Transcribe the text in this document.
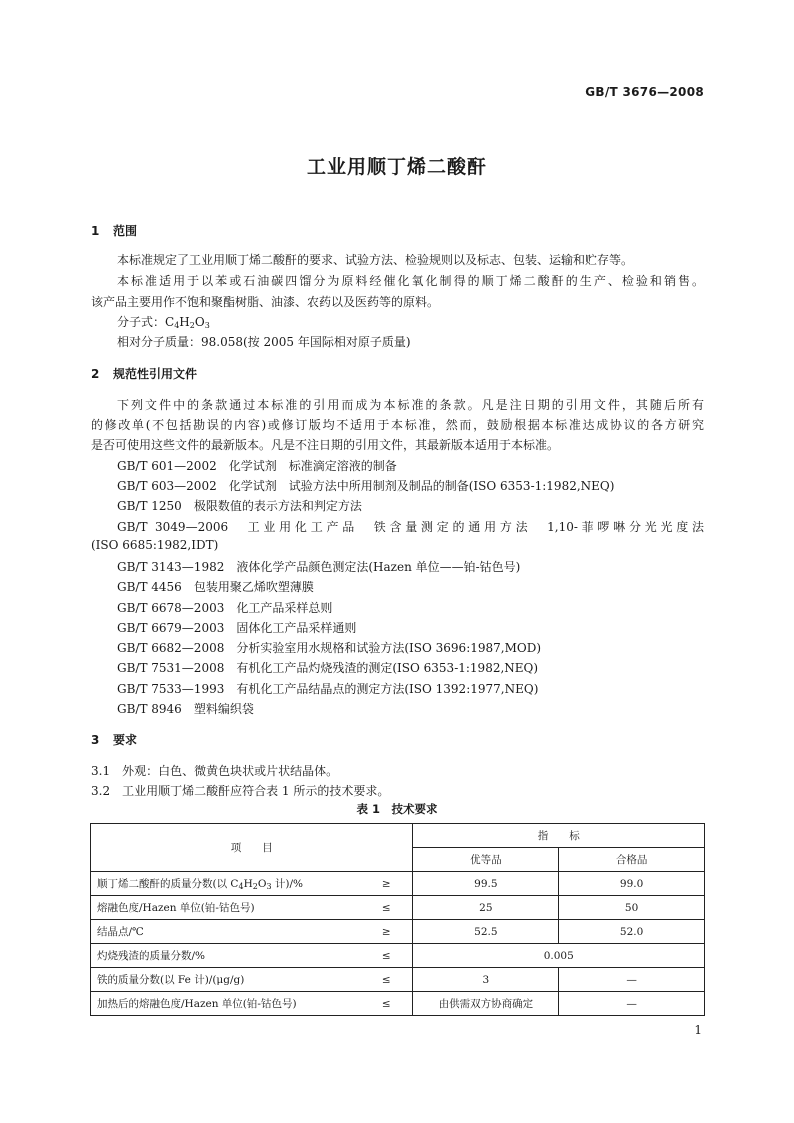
GB/T 3676—2008
工业用顺丁烯二酸酐
1 范围
本标准规定了工业用顺丁烯二酸酐的要求、试验方法、检验规则以及标志、包装、运输和贮存等。
本标准适用于以苯或石油碳四馏分为原料经催化氧化制得的顺丁烯二酸酐的生产、检验和销售。
该产品主要用作不饱和聚酯树脂、油漆、农药以及医药等的原料。
分子式：$C_4H_2O_3$
相对分子质量：98.058(按 2005 年国际相对原子质量)
2 规范性引用文件
下列文件中的条款通过本标准的引用而成为本标准的条款。凡是注日期的引用文件，其随后所有
的修改单(不包括勘误的内容)或修订版均不适用于本标准，然而，鼓励根据本标准达成协议的各方研究
是否可使用这些文件的最新版本。凡是不注日期的引用文件，其最新版本适用于本标准。
GB/T 601—2002　 化学试剂　标准滴定溶液的制备
GB/T 603—2002　 化学试剂　试验方法中所用制剂及制品的制备(ISO 6353-1:1982,NEQ)
GB/T 1250　 极限数值的表示方法和判定方法
GB/T 3049—2006　 工业用化工产品　铁含量测定的通用方法　1,10-菲啰啉分光光度法
(ISO 6685:1982,IDT)
GB/T 3143—1982　 液体化学产品颜色测定法(Hazen 单位——铂-钴色号)
GB/T 4456　 包装用聚乙烯吹塑薄膜
GB/T 6678—2003　 化工产品采样总则
GB/T 6679—2003　 固体化工产品采样通则
GB/T 6682—2008　 分析实验室用水规格和试验方法(ISO 3696:1987,MOD)
GB/T 7531—2008　 有机化工产品灼烧残渣的测定(ISO 6353-1:1982,NEQ)
GB/T 7533—1993　 有机化工产品结晶点的测定方法(ISO 1392:1977,NEQ)
GB/T 8946　 塑料编织袋
3 要求
3.1　 外观：白色、微黄色块状或片状结晶体。
3.2　 工业用顺丁烯二酸酐应符合表 1 所示的技术要求。
表 1　技术要求
项　　目		指　　标	
		优等品	合格品
顺丁烯二酸酐的质量分数(以 $C_4H_2O_3$ 计)/%	≥	99.5	99.0
熔融色度/Hazen 单位(铂-钴色号)	≤	25	50
结晶点/℃	≥	52.5	52.0
灼烧残渣的质量分数/%	≤	0.005	
铁的质量分数(以 Fe 计)/(μg/g)	≤	3	—
加热后的熔融色度/Hazen 单位(铂-钴色号)	≤	由供需双方协商确定	—
1
